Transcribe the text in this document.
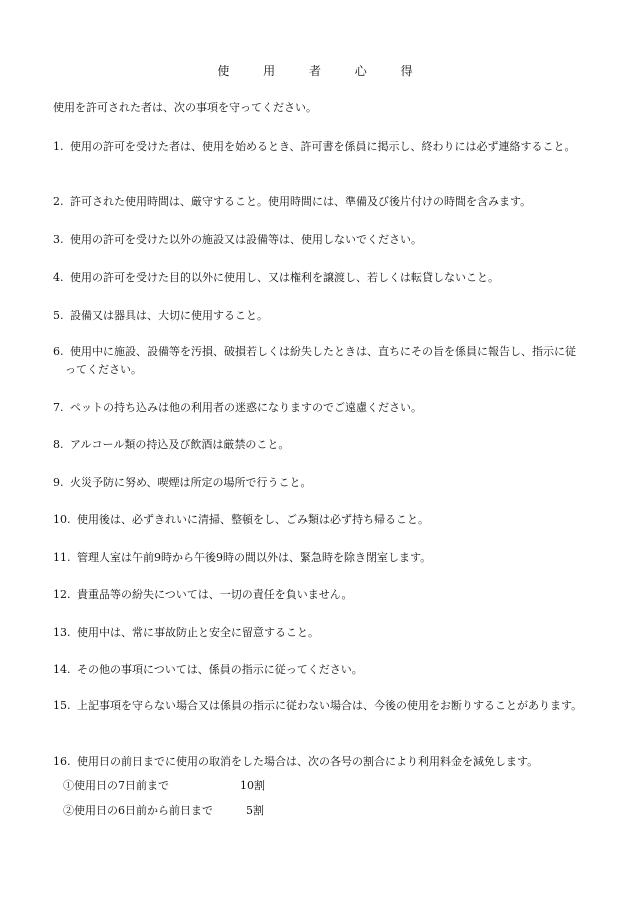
使 用 者 心 得

使用を許可された者は、次の事項を守ってください。

1. 使用の許可を受けた者は、使用を始めるとき、許可書を係員に掲示し、終わりには必ず連絡すること。
2. 許可された使用時間は、厳守すること。使用時間には、準備及び後片付けの時間を含みます。
3. 使用の許可を受けた以外の施設又は設備等は、使用しないでください。
4. 使用の許可を受けた目的以外に使用し、又は権利を譲渡し、若しくは転貸しないこと。
5. 設備又は器具は、大切に使用すること。
6. 使用中に施設、設備等を汚損、破損若しくは紛失したときは、直ちにその旨を係員に報告し、指示に従ってください。
7. ペットの持ち込みは他の利用者の迷惑になりますのでご遠慮ください。
8. アルコール類の持込及び飲酒は厳禁のこと。
9. 火災予防に努め、喫煙は所定の場所で行うこと。
10. 使用後は、必ずきれいに清掃、整頓をし、ごみ類は必ず持ち帰ること。
11. 管理人室は午前9時から午後9時の間以外は、緊急時を除き閉室します。
12. 貴重品等の紛失については、一切の責任を負いません。
13. 使用中は、常に事故防止と安全に留意すること。
14. その他の事項については、係員の指示に従ってください。
15. 上記事項を守らない場合又は係員の指示に従わない場合は、今後の使用をお断りすることがあります。
16. 使用日の前日までに使用の取消をした場合は、次の各号の割合により利用料金を減免します。
①使用日の7日前まで	10割
②使用日の6日前から前日まで	5割
